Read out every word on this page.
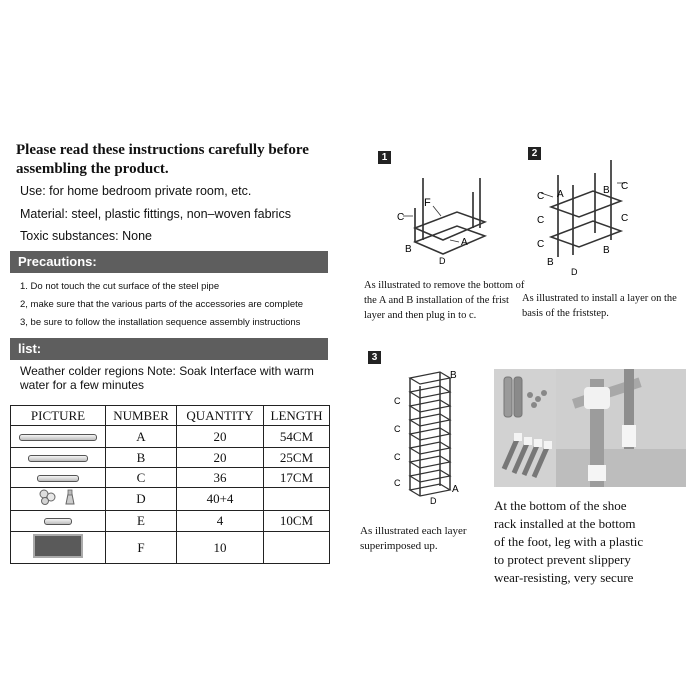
Please read these instructions carefully before
assembling the product.
Use: for home bedroom private room, etc.
Material: steel, plastic fittings, non–woven fabrics
Toxic substances: None
Precautions:
1. Do not touch the cut surface of the steel pipe
2, make sure that the various parts of the accessories are complete
3, be sure to follow the installation sequence assembly instructions
list:
Weather colder regions Note: Soak Interface with warm
water for a few minutes
PICTURE	NUMBER	QUANTITY	LENGTH
	A	20	54CM
	B	20	25CM
	C	36	17CM
	D	40+4	
	E	4	10CM
	F	10	
1
F
C
B
A
D
As illustrated to remove the bottom of
the A and B installation of the frist
layer and then plug in to c.
2
C A	B C
C	C
C
B
B
D
As illustrated to install a layer on the
basis of the friststep.
3
B
C
C
C
C
A
D
As illustrated each layer
superimposed up.
At the bottom of the shoe
rack installed at the bottom
of the foot, leg with a plastic
to protect prevent slippery
wear-resisting, very secure
